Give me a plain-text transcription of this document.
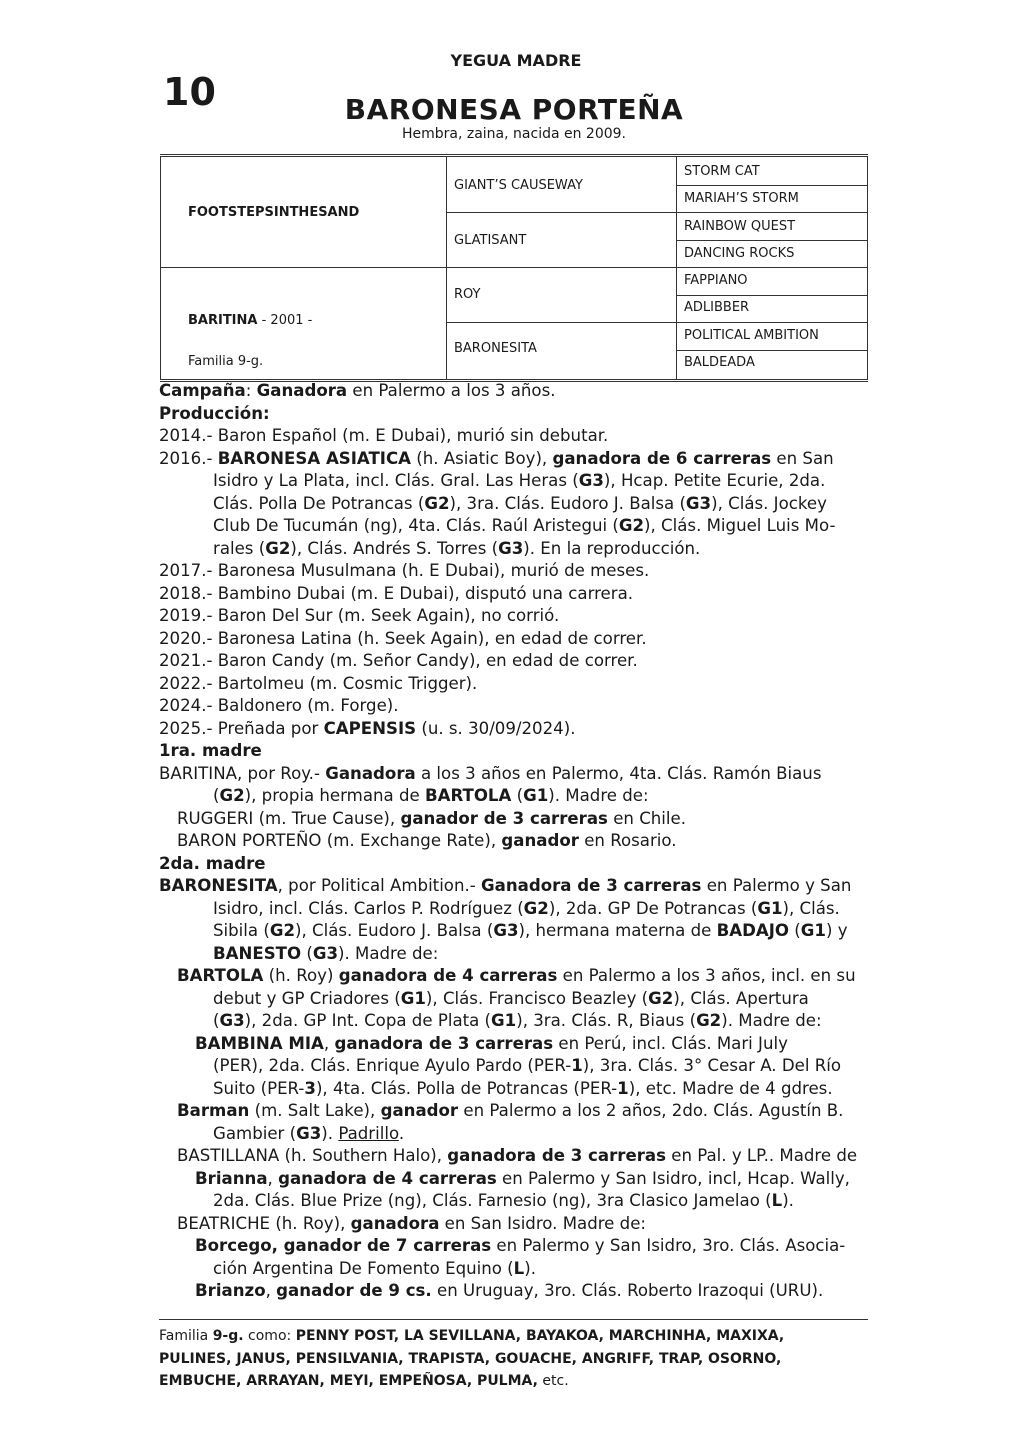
10
YEGUA MADRE
BARONESA PORTEÑA
Hembra, zaina, nacida en 2009.
FOOTSTEPSINTHESAND
BARITINA - 2001 -
Familia 9-g.
GIANT’S CAUSEWAY
GLATISANT
ROY
BARONESITA
STORM CAT
MARIAH’S STORM
RAINBOW QUEST
DANCING ROCKS
FAPPIANO
ADLIBBER
POLITICAL AMBITION
BALDEADA

Campaña: Ganadora en Palermo a los 3 años.

Producción:

2014.- Baron Español (m. E Dubai), murió sin debutar.

2016.- BARONESA ASIATICA (h. Asiatic Boy), ganadora de 6 carreras en San

Isidro y La Plata, incl. Clás. Gral. Las Heras (G3), Hcap. Petite Ecurie, 2da.

Clás. Polla De Potrancas (G2), 3ra. Clás. Eudoro J. Balsa (G3), Clás. Jockey

Club De Tucumán (ng), 4ta. Clás. Raúl Aristegui (G2), Clás. Miguel Luis Mo-

rales (G2), Clás. Andrés S. Torres (G3). En la reproducción.

2017.- Baronesa Musulmana (h. E Dubai), murió de meses.

2018.- Bambino Dubai (m. E Dubai), disputó una carrera.

2019.- Baron Del Sur (m. Seek Again), no corrió.

2020.- Baronesa Latina (h. Seek Again), en edad de correr.

2021.- Baron Candy (m. Señor Candy), en edad de correr.

2022.- Bartolmeu (m. Cosmic Trigger).

2024.- Baldonero (m. Forge).

2025.- Preñada por CAPENSIS (u. s. 30/09/2024).

1ra. madre

BARITINA, por Roy.- Ganadora a los 3 años en Palermo, 4ta. Clás. Ramón Biaus

(G2), propia hermana de BARTOLA (G1). Madre de:

RUGGERI (m. True Cause), ganador de 3 carreras en Chile.

BARON PORTEÑO (m. Exchange Rate), ganador en Rosario.

2da. madre

BARONESITA, por Political Ambition.- Ganadora de 3 carreras en Palermo y San

Isidro, incl. Clás. Carlos P. Rodríguez (G2), 2da. GP De Potrancas (G1), Clás.

Sibila (G2), Clás. Eudoro J. Balsa (G3), hermana materna de BADAJO (G1) y

BANESTO (G3). Madre de:

BARTOLA (h. Roy) ganadora de 4 carreras en Palermo a los 3 años, incl. en su

debut y GP Criadores (G1), Clás. Francisco Beazley (G2), Clás. Apertura

(G3), 2da. GP Int. Copa de Plata (G1), 3ra. Clás. R, Biaus (G2). Madre de:

BAMBINA MIA, ganadora de 3 carreras en Perú, incl. Clás. Mari July

(PER), 2da. Clás. Enrique Ayulo Pardo (PER-1), 3ra. Clás. 3° Cesar A. Del Río

Suito (PER-3), 4ta. Clás. Polla de Potrancas (PER-1), etc. Madre de 4 gdres.

Barman (m. Salt Lake), ganador en Palermo a los 2 años, 2do. Clás. Agustín B.

Gambier (G3). Padrillo.

BASTILLANA (h. Southern Halo), ganadora de 3 carreras en Pal. y LP.. Madre de

Brianna, ganadora de 4 carreras en Palermo y San Isidro, incl, Hcap. Wally,

2da. Clás. Blue Prize (ng), Clás. Farnesio (ng), 3ra Clasico Jamelao (L).

BEATRICHE (h. Roy), ganadora en San Isidro. Madre de:

Borcego, ganador de 7 carreras en Palermo y San Isidro, 3ro. Clás. Asocia-

ción Argentina De Fomento Equino (L).

Brianzo, ganador de 9 cs. en Uruguay, 3ro. Clás. Roberto Irazoqui (URU).

Familia 9-g. como: PENNY POST, LA SEVILLANA, BAYAKOA, MARCHINHA, MAXIXA,

PULINES, JANUS, PENSILVANIA, TRAPISTA, GOUACHE, ANGRIFF, TRAP, OSORNO,

EMBUCHE, ARRAYAN, MEYI, EMPEÑOSA, PULMA, etc.
